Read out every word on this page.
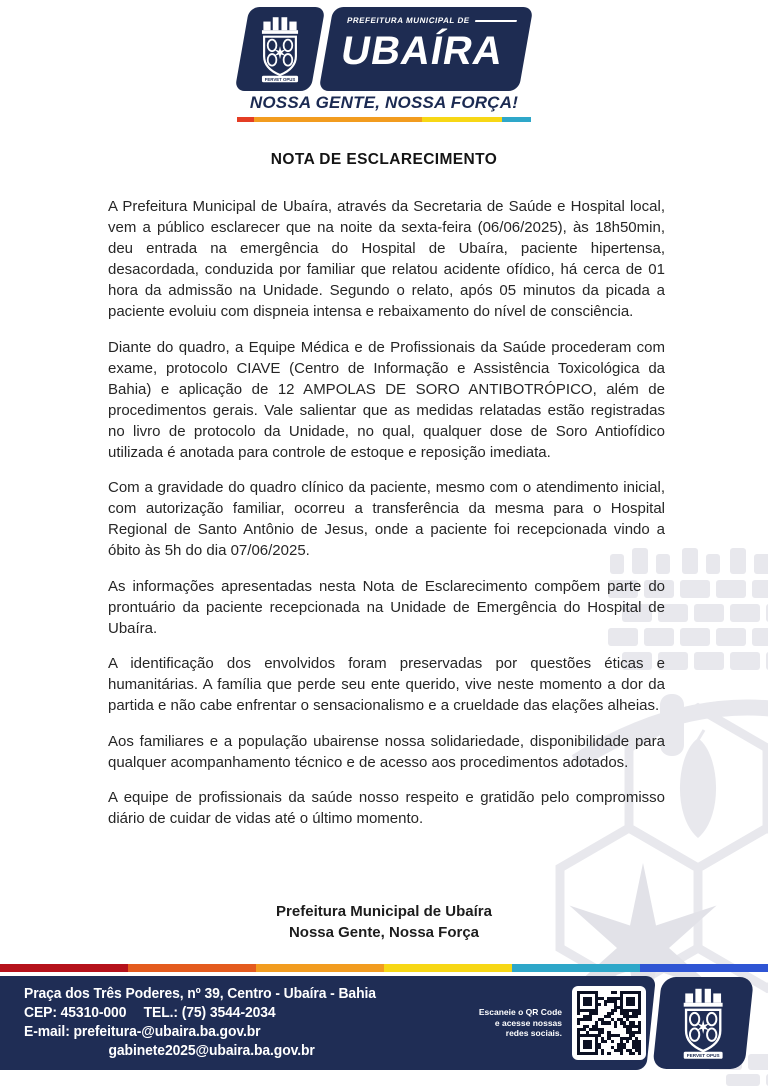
FERVET OPUS
PREFEITURA MUNICIPAL DE
UBAÍRA
NOSSA GENTE, NOSSA FORÇA!
NOTA DE ESCLARECIMENTO

A Prefeitura Municipal de Ubaíra, através da Secretaria de Saúde e Hospital local, vem a público esclarecer que na noite da sexta-feira (06/06/2025), às 18h50min, deu entrada na emergência do Hospital de Ubaíra, paciente hipertensa, desacordada, conduzida por familiar que relatou acidente ofídico, há cerca de 01 hora da admissão na Unidade. Segundo o relato, após 05 minutos da picada a paciente evoluiu com dispneia intensa e rebaixamento do nível de consciência.

Diante do quadro, a Equipe Médica e de Profissionais da Saúde procederam com exame, protocolo CIAVE (Centro de Informação e Assistência Toxicológica da Bahia) e aplicação de 12 AMPOLAS DE SORO ANTIBOTRÓPICO, além de procedimentos gerais. Vale salientar que as medidas relatadas estão registradas no livro de protocolo da Unidade, no qual, qualquer dose de Soro Antiofídico utilizada é anotada para controle de estoque e reposição imediata.

Com a gravidade do quadro clínico da paciente, mesmo com o atendimento inicial, com autorização familiar, ocorreu a transferência da mesma para o Hospital Regional de Santo Antônio de Jesus, onde a paciente foi recepcionada vindo a óbito às 5h do dia 07/06/2025.

As informações apresentadas nesta Nota de Esclarecimento compõem parte do prontuário da paciente recepcionada na Unidade de Emergência do Hospital de Ubaíra.

A identificação dos envolvidos foram preservadas por questões éticas e humanitárias. A família que perde seu ente querido, vive neste momento a dor da partida e não cabe enfrentar o sensacionalismo e a crueldade das elações alheias.

Aos familiares e a população ubairense nossa solidariedade, disponibilidade para qualquer acompanhamento técnico e de acesso aos procedimentos adotados.

A equipe de profissionais da saúde nosso respeito e gratidão pelo compromisso diário de cuidar de vidas até o último momento.

Prefeitura Municipal de Ubaíra
Nossa Gente, Nossa Força
Praça dos Três Poderes, nº 39, Centro - Ubaíra - Bahia
CEP: 45310-000 TEL.: (75) 3544-2034
E-mail: prefeitura-@ubaira.ba.gov.br
gabinete2025@ubaira.ba.gov.br
Escaneie o QR Code
e acesse nossas
redes sociais.
FERVET OPUS
